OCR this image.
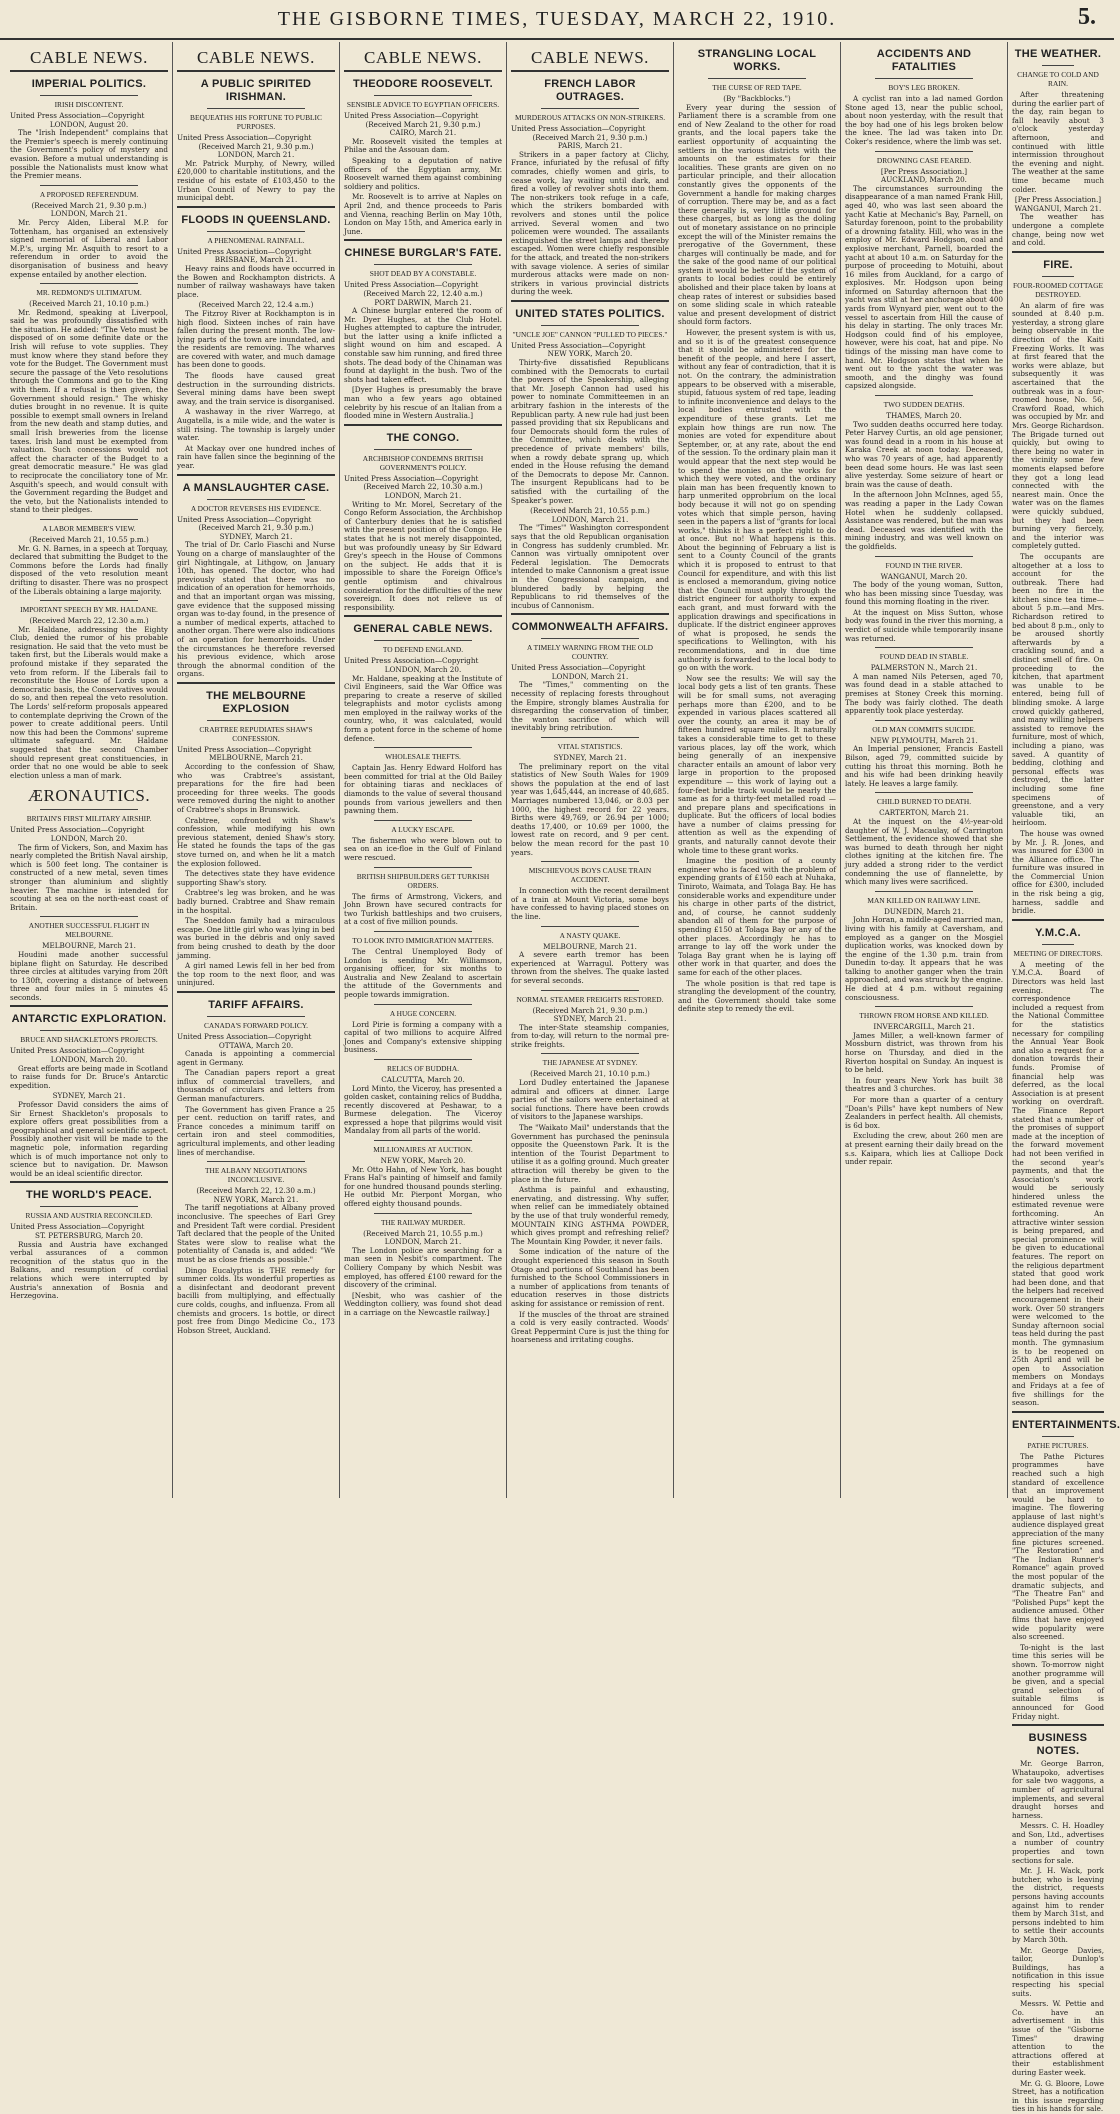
THE GISBORNE TIMES, TUESDAY, MARCH 22, 1910.	5.
CABLE NEWS.
IMPERIAL POLITICS.
IRISH DISCONTENT.

United Press Association—Copyright

LONDON, August 20.

The "Irish Independent" complains that the Premier's speech is merely continuing the Government's policy of mystery and evasion. Before a mutual understanding is possible the Nationalists must know what the Premier means.

A PROPOSED REFERENDUM.

(Received March 21, 9.30 p.m.)

LONDON, March 21.

Mr. Percy Alden, Liberal M.P. for Tottenham, has organised an extensively signed memorial of Liberal and Labor M.P.'s, urging Mr. Asquith to resort to a referendum in order to avoid the disorganisation of business and heavy expense entailed by another election.

MR. REDMOND'S ULTIMATUM.

(Received March 21, 10.10 p.m.)

Mr. Redmond, speaking at Liverpool, said he was profoundly dissatisfied with the situation. He added: "The Veto must be disposed of on some definite date or the Irish will refuse to vote supplies. They must know where they stand before they vote for the Budget. The Government must secure the passage of the Veto resolutions through the Commons and go to the King with them. If a refusal is then given, the Government should resign." The whisky duties brought in no revenue. It is quite possible to exempt small owners in Ireland from the new death and stamp duties, and small Irish breweries from the license taxes. Irish land must be exempted from valuation. Such concessions would not affect the character of the Budget to a great democratic measure." He was glad to reciprocate the conciliatory tone of Mr. Asquith's speech, and would consult with the Government regarding the Budget and the veto, but the Nationalists intended to stand to their pledges.

A LABOR MEMBER'S VIEW.

(Received March 21, 10.55 p.m.)

Mr. G. N. Barnes, in a speech at Torquay, declared that submitting the Budget to the Commons before the Lords had finally disposed of the veto resolution meant drifting to disaster. There was no prospect of the Liberals obtaining a large majority.

IMPORTANT SPEECH BY MR. HALDANE.

(Received March 22, 12.30 a.m.)

Mr. Haldane, addressing the Eighty Club, denied the rumor of his probable resignation. He said that the veto must be taken first, but the Liberals would make a profound mistake if they separated the veto from reform. If the Liberals fail to reconstitute the House of Lords upon a democratic basis, the Conservatives would do so, and then repeal the veto resolution. The Lords' self-reform proposals appeared to contemplate depriving the Crown of the power to create additional peers. Until now this had been the Commons' supreme ultimate safeguard. Mr. Haldane suggested that the second Chamber should represent great constituencies, in order that no one would be able to seek election unless a man of mark.

ÆRONAUTICS.
BRITAIN'S FIRST MILITARY AIRSHIP.

United Press Association—Copyright

LONDON, March 20.

The firm of Vickers, Son, and Maxim has nearly completed the British Naval airship, which is 500 feet long. The container is constructed of a new metal, seven times stronger than aluminium and slightly heavier. The machine is intended for scouting at sea on the north-east coast of Britain.

ANOTHER SUCCESSFUL FLIGHT IN MELBOURNE.

MELBOURNE, March 21.

Houdini made another successful biplane flight on Saturday. He described three circles at altitudes varying from 20ft to 130ft, covering a distance of between three and four miles in 5 minutes 45 seconds.

ANTARCTIC EXPLORATION.
BRUCE AND SHACKLETON'S PROJECTS.

United Press Association—Copyright

LONDON, March 20.

Great efforts are being made in Scotland to raise funds for Dr. Bruce's Antarctic expedition.

SYDNEY, March 21.

Professor David considers the aims of Sir Ernest Shackleton's proposals to explore offers great possibilities from a geographical and general scientific aspect. Possibly another visit will be made to the magnetic pole, information regarding which is of much importance not only to science but to navigation. Dr. Mawson would be an ideal scientific director.

THE WORLD'S PEACE.
RUSSIA AND AUSTRIA RECONCILED.

United Press Association—Copyright

ST. PETERSBURG, March 20.

Russia and Austria have exchanged verbal assurances of a common recognition of the status quo in the Balkans, and resumption of cordial relations which were interrupted by Austria's annexation of Bosnia and Herzegovina.

CABLE NEWS.
A PUBLIC SPIRITED IRISHMAN.
BEQUEATHS HIS FORTUNE TO PUBLIC PURPOSES.

United Press Association—Copyright

(Received March 21, 9.30 p.m.)

LONDON, March 21.

Mr. Patrick Murphy, of Newry, willed £20,000 to charitable institutions, and the residue of his estate of £103,450 to the Urban Council of Newry to pay the municipal debt.

FLOODS IN QUEENSLAND.
A PHENOMENAL RAINFALL.

United Press Association—Copyright

BRISBANE, March 21.

Heavy rains and floods have occurred in the Bowen and Rockhampton districts. A number of railway washaways have taken place.

(Received March 22, 12.4 a.m.)

The Fitzroy River at Rockhampton is in high flood. Sixteen inches of rain have fallen during the present month. The low-lying parts of the town are inundated, and the residents are removing. The wharves are covered with water, and much damage has been done to goods.

The floods have caused great destruction in the surrounding districts. Several mining dams have been swept away, and the train service is disorganised.

A washaway in the river Warrego, at Augatella, is a mile wide, and the water is still rising. The township is largely under water.

At Mackay over one hundred inches of rain have fallen since the beginning of the year.

A MANSLAUGHTER CASE.
A DOCTOR REVERSES HIS EVIDENCE.

United Press Association—Copyright

(Received March 21, 9.30 p.m.)

SYDNEY, March 21.

The trial of Dr. Carlo Fiaschi and Nurse Young on a charge of manslaughter of the girl Nightingale, at Lithgow, on January 10th, has opened. The doctor, who had previously stated that there was no indication of an operation for hemorrhoids, and that an important organ was missing, gave evidence that the supposed missing organ was to-day found, in the presence of a number of medical experts, attached to another organ. There were also indications of an operation for hemorrhoids. Under the circumstances he therefore reversed his previous evidence, which arose through the abnormal condition of the organs.

THE MELBOURNE EXPLOSION
CRABTREE REPUDIATES SHAW'S CONFESSION.

United Press Association—Copyright

MELBOURNE, March 21.

According to the confession of Shaw, who was Crabtree's assistant, preparations for the fire had been proceeding for three weeks. The goods were removed during the night to another of Crabtree's shops in Brunswick.

Crabtree, confronted with Shaw's confession, while modifying his own previous statement, denied Shaw's story. He stated he founds the taps of the gas stove turned on, and when he lit a match the explosion followed.

The detectives state they have evidence supporting Shaw's story.

Crabtree's leg was broken, and he was badly burned. Crabtree and Shaw remain in the hospital.

The Sneddon family had a miraculous escape. One little girl who was lying in bed was buried in the débris and only saved from being crushed to death by the door jamming.

A girl named Lewis fell in her bed from the top room to the next floor, and was uninjured.

TARIFF AFFAIRS.
CANADA'S FORWARD POLICY.

United Press Association—Copyright

OTTAWA, March 20.

Canada is appointing a commercial agent in Germany.

The Canadian papers report a great influx of commercial travellers, and thousands of circulars and letters from German manufacturers.

The Government has given France a 25 per cent. reduction on tariff rates, and France concedes a minimum tariff on certain iron and steel commodities, agricultural implements, and other leading lines of merchandise.

THE ALBANY NEGOTIATIONS INCONCLUSIVE.

(Received March 22, 12.30 a.m.)

NEW YORK, March 21.

The tariff negotiations at Albany proved inconclusive. The speeches of Earl Grey and President Taft were cordial. President Taft declared that the people of the United States were slow to realise what the potentiality of Canada is, and added: "We must be as close friends as possible."

Dingo Eucalyptus is THE remedy for summer colds. Its wonderful properties as a disinfectant and deodorant prevent bacilli from multiplying, and effectually cure colds, coughs, and influenza. From all chemists and grocers. 1s bottle, or direct post free from Dingo Medicine Co., 173 Hobson Street, Auckland.

CABLE NEWS.
THEODORE ROOSEVELT.
SENSIBLE ADVICE TO EGYPTIAN OFFICERS.

United Press Association—Copyright

(Received March 21, 9.30 p.m.)

CAIRO, March 21.

Mr. Roosevelt visited the temples at Philae and the Assouan dam.

Speaking to a deputation of native officers of the Egyptian army, Mr. Roosevelt warned them against combining soldiery and politics.

Mr. Roosevelt is to arrive at Naples on April 2nd, and thence proceeds to Paris and Vienna, reaching Berlin on May 10th, London on May 15th, and America early in June.

CHINESE BURGLAR'S FATE.
SHOT DEAD BY A CONSTABLE.

United Press Association—Copyright

(Received March 22, 12.40 a.m.)

PORT DARWIN, March 21.

A Chinese burglar entered the room of Mr. Dyer Hughes, at the Club Hotel. Hughes attempted to capture the intruder, but the latter using a knife inflicted a slight wound on him and escaped. A constable saw him running, and fired three shots. The dead body of the Chinaman was found at daylight in the bush. Two of the shots had taken effect.

[Dyer Hughes is presumably the brave man who a few years ago obtained celebrity by his rescue of an Italian from a flooded mine in Western Australia.]

THE CONGO.
ARCHBISHOP CONDEMNS BRITISH GOVERNMENT'S POLICY.

United Press Association—Copyright

(Received March 22, 10.30 a.m.)

LONDON, March 21.

Writing to Mr. Morel, Secretary of the Congo Reform Association, the Archbishop of Canterbury denies that he is satisfied with the present position of the Congo. He states that he is not merely disappointed, but was profoundly uneasy by Sir Edward Grey's speech in the House of Commons on the subject. He adds that it is impossible to share the Foreign Office's gentle optimism and chivalrous consideration for the difficulties of the new sovereign. It does not relieve us of responsibility.

GENERAL CABLE NEWS.
TO DEFEND ENGLAND.

United Press Association—Copyright

LONDON, March 20.

Mr. Haldane, speaking at the Institute of Civil Engineers, said the War Office was preparing to create a reserve of skilled telegraphists and motor cyclists among men employed in the railway works of the country, who, it was calculated, would form a potent force in the scheme of home defence.

WHOLESALE THEFTS.

Captain Jas. Henry Edward Holford has been committed for trial at the Old Bailey for obtaining tiaras and necklaces of diamonds to the value of several thousand pounds from various jewellers and then pawning them.

A LUCKY ESCAPE.

The fishermen who were blown out to sea on an ice-floe in the Gulf of Finland were rescued.

BRITISH SHIPBUILDERS GET TURKISH ORDERS.

The firms of Armstrong, Vickers, and John Brown have secured contracts for two Turkish battleships and two cruisers, at a cost of five million pounds.

TO LOOK INTO IMMIGRATION MATTERS.

The Central Unemployed Body of London is sending Mr. Williamson, organising officer, for six months to Australia and New Zealand to ascertain the attitude of the Governments and people towards immigration.

A HUGE CONCERN.

Lord Pirie is forming a company with a capital of two millions to acquire Alfred Jones and Company's extensive shipping business.

RELICS OF BUDDHA.

CALCUTTA, March 20.

Lord Minto, the Viceroy, has presented a golden casket, containing relics of Buddha, recently discovered at Peshawar, to a Burmese delegation. The Viceroy expressed a hope that pilgrims would visit Mandalay from all parts of the world.

MILLIONAIRES AT AUCTION.

NEW YORK, March 20.

Mr. Otto Hahn, of New York, has bought Frans Hal's painting of himself and family for one hundred thousand pounds sterling. He outbid Mr. Pierpont Morgan, who offered eighty thousand pounds.

THE RAILWAY MURDER.

(Received March 21, 10.55 p.m.)

LONDON, March 21.

The London police are searching for a man seen in Nesbit's compartment. The Colliery Company by which Nesbit was employed, has offered £100 reward for the discovery of the criminal.

[Nesbit, who was cashier of the Weddington colliery, was found shot dead in a carriage on the Newcastle railway.]

CABLE NEWS.
FRENCH LABOR OUTRAGES.
MURDEROUS ATTACKS ON NON-STRIKERS.

United Press Association—Copyright

(Received March 21, 9.30 p.m.)

PARIS, March 21.

Strikers in a paper factory at Clichy, France, infuriated by the refusal of fifty comrades, chiefly women and girls, to cease work, lay waiting until dark, and fired a volley of revolver shots into them. The non-strikers took refuge in a cafe, which the strikers bombarded with revolvers and stones until the police arrived. Several women and two policemen were wounded. The assailants extinguished the street lamps and thereby escaped. Women were chiefly responsible for the attack, and treated the non-strikers with savage violence. A series of similar murderous attacks were made on non-strikers in various provincial districts during the week.

UNITED STATES POLITICS.
"UNCLE JOE" CANNON "PULLED TO PIECES."

United Press Association—Copyright

NEW YORK, March 20.

Thirty-five dissatisfied Republicans combined with the Democrats to curtail the powers of the Speakership, alleging that Mr. Joseph Cannon had used his power to nominate Committeemen in an arbitrary fashion in the interests of the Republican party. A new rule had just been passed providing that six Republicans and four Democrats should form the rules of the Committee, which deals with the precedence of private members' bills, when a rowdy debate sprang up, which ended in the House refusing the demand of the Democrats to depose Mr. Cannon. The insurgent Republicans had to be satisfied with the curtailing of the Speaker's power.

(Received March 21, 10.55 p.m.)

LONDON, March 21.

The "Times'" Washington correspondent says that the old Republican organisation in Congress has suddenly crumbled. Mr. Cannon was virtually omnipotent over Federal legislation. The Democrats intended to make Cannonism a great issue in the Congressional campaign, and blundered badly by helping the Republicans to rid themselves of the incubus of Cannonism.

COMMONWEALTH AFFAIRS.
A TIMELY WARNING FROM THE OLD COUNTRY.

United Press Association—Copyright

LONDON, March 21.

The "Times," commenting on the necessity of replacing forests throughout the Empire, strongly blames Australia for disregarding the conservation of timber, the wanton sacrifice of which will inevitably bring retribution.

VITAL STATISTICS.

SYDNEY, March 21.

The preliminary report on the vital statistics of New South Wales for 1909 shows the population at the end of last year was 1,645,444, an increase of 40,685. Marriages numbered 13,046, or 8.03 per 1000, the highest record for 22 years. Births were 49,769, or 26.94 per 1000; deaths 17,400, or 10.69 per 1000, the lowest rate on record, and 9 per cent. below the mean record for the past 10 years.

MISCHIEVOUS BOYS CAUSE TRAIN ACCIDENT.

In connection with the recent derailment of a train at Mount Victoria, some boys have confessed to having placed stones on the line.

A NASTY QUAKE.

MELBOURNE, March 21.

A severe earth tremor has been experienced at Warragul. Pottery was thrown from the shelves. The quake lasted for several seconds.

NORMAL STEAMER FREIGHTS RESTORED.

(Received March 21, 9.30 p.m.)

SYDNEY, March 21.

The inter-State steamship companies, from to-day, will return to the normal pre-strike freights.

THE JAPANESE AT SYDNEY.

(Received March 21, 10.10 p.m.)

Lord Dudley entertained the Japanese admiral and officers at dinner. Large parties of the sailors were entertained at social functions. There have been crowds of visitors to the Japanese warships.

The "Waikato Mail" understands that the Government has purchased the peninsula opposite the Queenstown Park. It is the intention of the Tourist Department to utilise it as a golfing ground. Much greater attraction will thereby be given to the place in the future.

Asthma is painful and exhausting, enervating, and distressing. Why suffer, when relief can be immediately obtained by the use of that truly wonderful remedy, MOUNTAIN KING ASTHMA POWDER, which gives prompt and refreshing relief? The Mountain King Powder, it never fails.

Some indication of the nature of the drought experienced this season in South Otago and portions of Southland has been furnished to the School Commissioners in a number of applications from tenants of education reserves in those districts asking for assistance or remission of rent.

If the muscles of the throat are strained a cold is very easily contracted. Woods' Great Peppermint Cure is just the thing for hoarseness and irritating coughs.

STRANGLING LOCAL WORKS.
THE CURSE OF RED TAPE.

(By "Backblocks.")

Every year during the session of Parliament there is a scramble from one end of New Zealand to the other for road grants, and the local papers take the earliest opportunity of acquainting the settlers in the various districts with the amounts on the estimates for their localities. These grants are given on no particular principle, and their allocation constantly gives the opponents of the Government a handle for making charges of corruption. There may be, and as a fact there generally is, very little ground for these charges, but as long as the doling out of monetary assistance on no principle except the will of the Minister remains the prerogative of the Government, these charges will continually be made, and for the sake of the good name of our political system it would be better if the system of grants to local bodies could be entirely abolished and their place taken by loans at cheap rates of interest or subsidies based on some sliding scale in which rateable value and present development of district should form factors.

However, the present system is with us, and so it is of the greatest consequence that it should be administered for the benefit of the people, and here I assert, without any fear of contradiction, that it is not. On the contrary, the administration appears to be observed with a miserable, stupid, fatuous system of red tape, leading to infinite inconvenience and delays to the local bodies entrusted with the expenditure of these grants. Let me explain how things are run now. The monies are voted for expenditure about September, or, at any rate, about the end of the session. To the ordinary plain man it would appear that the next step would be to spend the monies on the works for which they were voted, and the ordinary plain man has been frequently known to harp unmerited opprobrium on the local body because it will not go on spending votes which that simple person, having seen in the papers a list of "grants for local works," thinks it has a perfect right to do at once. But no! What happens is this. About the beginning of February a list is sent to a County Council of the grants which it is proposed to entrust to that Council for expenditure, and with this list is enclosed a memorandum, giving notice that the Council must apply through the district engineer for authority to expend each grant, and must forward with the application drawings and specifications in duplicate. If the district engineer approves of what is proposed, he sends the specifications to Wellington, with his recommendations, and in due time authority is forwarded to the local body to go on with the work.

Now see the results: We will say the local body gets a list of ten grants. These will be for small sums, not averaging perhaps more than £200, and to be expended in various places scattered all over the county, an area it may be of fifteen hundred square miles. It naturally takes a considerable time to get to these various places, lay off the work, which being generally of an inexpensive character entails an amount of labor very large in proportion to the proposed expenditure — this work of laying out a four-feet bridle track would be nearly the same as for a thirty-feet metalled road — and prepare plans and specifications in duplicate. But the officers of local bodies have a number of claims pressing for attention as well as the expending of grants, and naturally cannot devote their whole time to these grant works.

Imagine the position of a county engineer who is faced with the problem of expending grants of £150 each at Nuhaka, Tiniroto, Waimata, and Tolaga Bay. He has considerable works and expenditure under his charge in other parts of the district, and, of course, he cannot suddenly abandon all of them for the purpose of spending £150 at Tolaga Bay or any of the other places. Accordingly he has to arrange to lay off the work under the Tolaga Bay grant when he is laying off other work in that quarter, and does the same for each of the other places.

The whole position is that red tape is strangling the development of the country, and the Government should take some definite step to remedy the evil.

ACCIDENTS AND FATALITIES
BOY'S LEG BROKEN.

A cyclist ran into a lad named Gordon Stone aged 13, near the public school, about noon yesterday, with the result that the boy had one of his legs broken below the knee. The lad was taken into Dr. Coker's residence, where the limb was set.

DROWNING CASE FEARED.

[Per Press Association.]

AUCKLAND, March 20.

The circumstances surrounding the disappearance of a man named Frank Hill, aged 40, who was last seen aboard the yacht Katie at Mechanic's Bay, Parnell, on Saturday forenoon, point to the probability of a drowning fatality. Hill, who was in the employ of Mr. Edward Hodgson, coal and explosive merchant, Parnell, boarded the yacht at about 10 a.m. on Saturday for the purpose of proceeding to Motuihi, about 16 miles from Auckland, for a cargo of explosives. Mr. Hodgson upon being informed on Saturday afternoon that the yacht was still at her anchorage about 400 yards from Wynyard pier, went out to the vessel to ascertain from Hill the cause of his delay in starting. The only traces Mr. Hodgson could find of his employee, however, were his coat, hat and pipe. No tidings of the missing man have come to hand. Mr. Hodgson states that when he went out to the yacht the water was smooth, and the dinghy was found capsized alongside.

TWO SUDDEN DEATHS.

THAMES, March 20.

Two sudden deaths occurred here today. Peter Harvey Curtis, an old age pensioner, was found dead in a room in his house at Karaka Creek at noon today. Deceased, who was 70 years of age, had apparently been dead some hours. He was last seen alive yesterday. Some seizure of heart or brain was the cause of death.

In the afternoon John McInnes, aged 55, was reading a paper in the Lady Cowan Hotel when he suddenly collapsed. Assistance was rendered, but the man was dead. Deceased was identified with the mining industry, and was well known on the goldfields.

FOUND IN THE RIVER.

WANGANUI, March 20.

The body of the young woman, Sutton, who has been missing since Tuesday, was found this morning floating in the river.

At the inquest on Miss Sutton, whose body was found in the river this morning, a verdict of suicide while temporarily insane was returned.

FOUND DEAD IN STABLE.

PALMERSTON N., March 21.

A man named Nils Petersen, aged 70, was found dead in a stable attached to premises at Stoney Creek this morning. The body was fairly clothed. The death apparently took place yesterday.

OLD MAN COMMITS SUICIDE.

NEW PLYMOUTH, March 21.

An Imperial pensioner, Francis Eastell Bilson, aged 79, committed suicide by cutting his throat this morning. Both he and his wife had been drinking heavily lately. He leaves a large family.

CHILD BURNED TO DEATH.

CARTERTON, March 21.

At the inquest on the 4½-year-old daughter of W. J. Macaulay, of Carrington Settlement, the evidence showed that she was burned to death through her night clothes igniting at the kitchen fire. The jury added a strong rider to the verdict condemning the use of flannelette, by which many lives were sacrificed.

MAN KILLED ON RAILWAY LINE.

DUNEDIN, March 21.

John Horan, a middle-aged married man, living with his family at Caversham, and employed as a ganger on the Mosgiel duplication works, was knocked down by the engine of the 1.30 p.m. train from Dunedin to-day. It appears that he was talking to another ganger when the train approached, and was struck by the engine. He died at 4 p.m. without regaining consciousness.

THROWN FROM HORSE AND KILLED.

INVERCARGILL, March 21.

James Miller, a well-known farmer of Mossburn district, was thrown from his horse on Thursday, and died in the Riverton hospital on Sunday. An inquest is to be held.

In four years New York has built 38 theatres and 3 churches.

For more than a quarter of a century "Doan's Pills" have kept numbers of New Zealanders in perfect health. All chemists, is 6d box.

Excluding the crew, about 260 men are at present earning their daily bread on the s.s. Kaipara, which lies at Calliope Dock under repair.

THE WEATHER.
CHANGE TO COLD AND RAIN.

After threatening during the earlier part of the day, rain began to fall heavily about 3 o'clock yesterday afternoon, and continued with little intermission throughout the evening and night. The weather at the same time became much colder.

[Per Press Association.]

WANGANUI, March 21.

The weather has undergone a complete change, being now wet and cold.

FIRE.
FOUR-ROOMED COTTAGE DESTROYED.

An alarm of fire was sounded at 8.40 p.m. yesterday, a strong glare being observable in the direction of the Kaiti Freezing Works. It was at first feared that the works were ablaze, but subsequently it was ascertained that the outbreak was in a four-roomed house, No. 56, Crawford Road, which was occupied by Mr. and Mrs. George Richardson. The Brigade turned out quickly, but owing to there being no water in the vicinity some few moments elapsed before they got a long lead connected with the nearest main. Once the water was on the flames were quickly subdued, but they had been burning very fiercely, and the interior was completely gutted.

The occupants are altogether at a loss to account for the outbreak. There had been no fire in the kitchen since tea time—about 5 p.m.—and Mrs. Richardson retired to bed about 8 p.m., only to be aroused shortly afterwards by a crackling sound, and a distinct smell of fire. On proceeding to the kitchen, that apartment was unable to be entered, being full of blinding smoke. A large crowd quickly gathered, and many willing helpers assisted to remove the furniture, most of which, including a piano, was saved. A quantity of bedding, clothing and personal effects was destroyed, the latter including some fine specimens of greenstone, and a very valuable tiki, an heirloom.

The house was owned by Mr. J. R. Jones, and was insured for £300 in the Alliance office. The furniture was insured in the Commercial Union office for £300, included in the risk being a gig, harness, saddle and bridle.

Y.M.C.A.
MEETING OF DIRECTORS.

A meeting of the Y.M.C.A. Board of Directors was held last evening. The correspondence included a request from the National Committee for the statistics necessary for compiling the Annual Year Book and also a request for a donation towards their funds. Promise of financial help was deferred, as the local Association is at present working on overdraft. The Finance Report stated that a number of the promises of support made at the inception of the forward movement had not been verified in the second year's payments, and that the Association's work would be seriously hindered unless the estimated revenue were forthcoming. An attractive winter session is being prepared, and special prominence will be given to educational features. The report on the religious department stated that good work had been done, and that the helpers had received encouragement in their work. Over 50 strangers were welcomed to the Sunday afternoon social teas held during the past month. The gymnasium is to be reopened on 25th April and will be open to Association members on Mondays and Fridays at a fee of five shillings for the season.

ENTERTAINMENTS.
PATHE PICTURES.

The Pathe Pictures programmes have reached such a high standard of excellence that an improvement would be hard to imagine. The flowering applause of last night's audience displayed great appreciation of the many fine pictures screened. "The Restoration" and "The Indian Runner's Romance" again proved the most popular of the dramatic subjects, and "The Theatre Fan" and "Polished Pups" kept the audience amused. Other films that have enjoyed wide popularity were also screened.

To-night is the last time this series will be shown. To-morrow night another programme will be given, and a special grand selection of suitable films is announced for Good Friday night.

BUSINESS NOTES.

Mr. George Barron, Whataupoko, advertises for sale two waggons, a number of agricultural implements, and several draught horses and harness.

Messrs. C. H. Hoadley and Son, Ltd., advertises a number of country properties and town sections for sale.

Mr. J. H. Wack, pork butcher, who is leaving the district, requests persons having accounts against him to render them by March 31st, and persons indebted to him to settle their accounts by March 30th.

Mr. George Davies, tailor, Dunlop's Buildings, has a notification in this issue respecting his special suits.

Messrs. W. Pettie and Co. have an advertisement in this issue of the "Gisborne Times" drawing attention to the attractions offered at their establishment during Easter week.

Mr. G. G. Bloore, Lowe Street, has a notification in this issue regarding ties in his hands for sale.
